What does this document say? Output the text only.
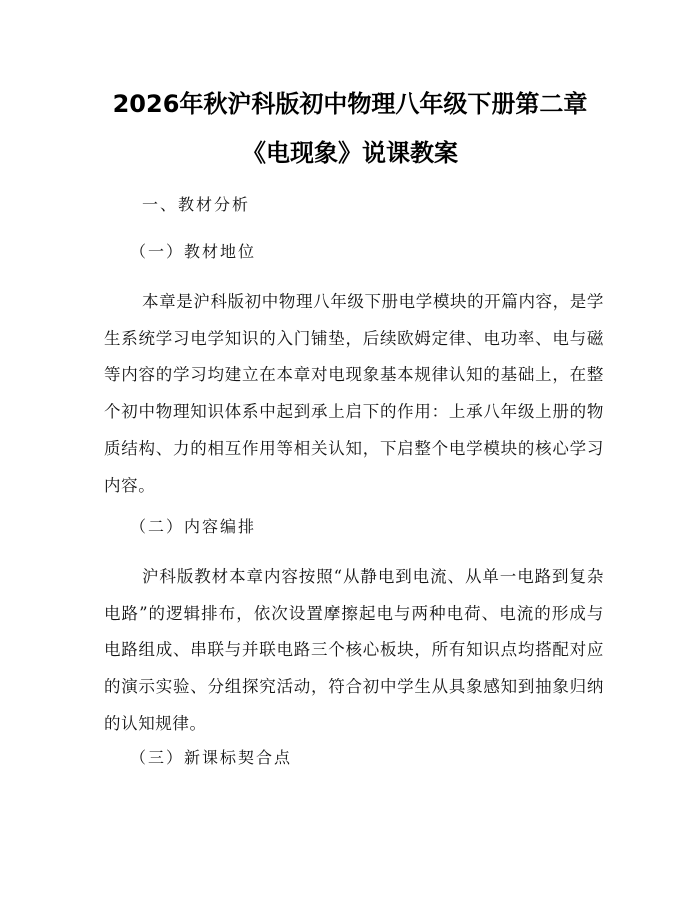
2026年秋沪科版初中物理八年级下册第二章
《电现象》说课教案
一、教材分析
（一）教材地位

本章是沪科版初中物理八年级下册电学模块的开篇内容，是学生系统学习电学知识的入门铺垫，后续欧姆定律、电功率、电与磁等内容的学习均建立在本章对电现象基本规律认知的基础上，在整个初中物理知识体系中起到承上启下的作用：上承八年级上册的物质结构、力的相互作用等相关认知，下启整个电学模块的核心学习内容。

（二）内容编排

沪科版教材本章内容按照“从静电到电流、从单一电路到复杂电路”的逻辑排布，依次设置摩擦起电与两种电荷、电流的形成与电路组成、串联与并联电路三个核心板块，所有知识点均搭配对应的演示实验、分组探究活动，符合初中学生从具象感知到抽象归纳的认知规律。

（三）新课标契合点
